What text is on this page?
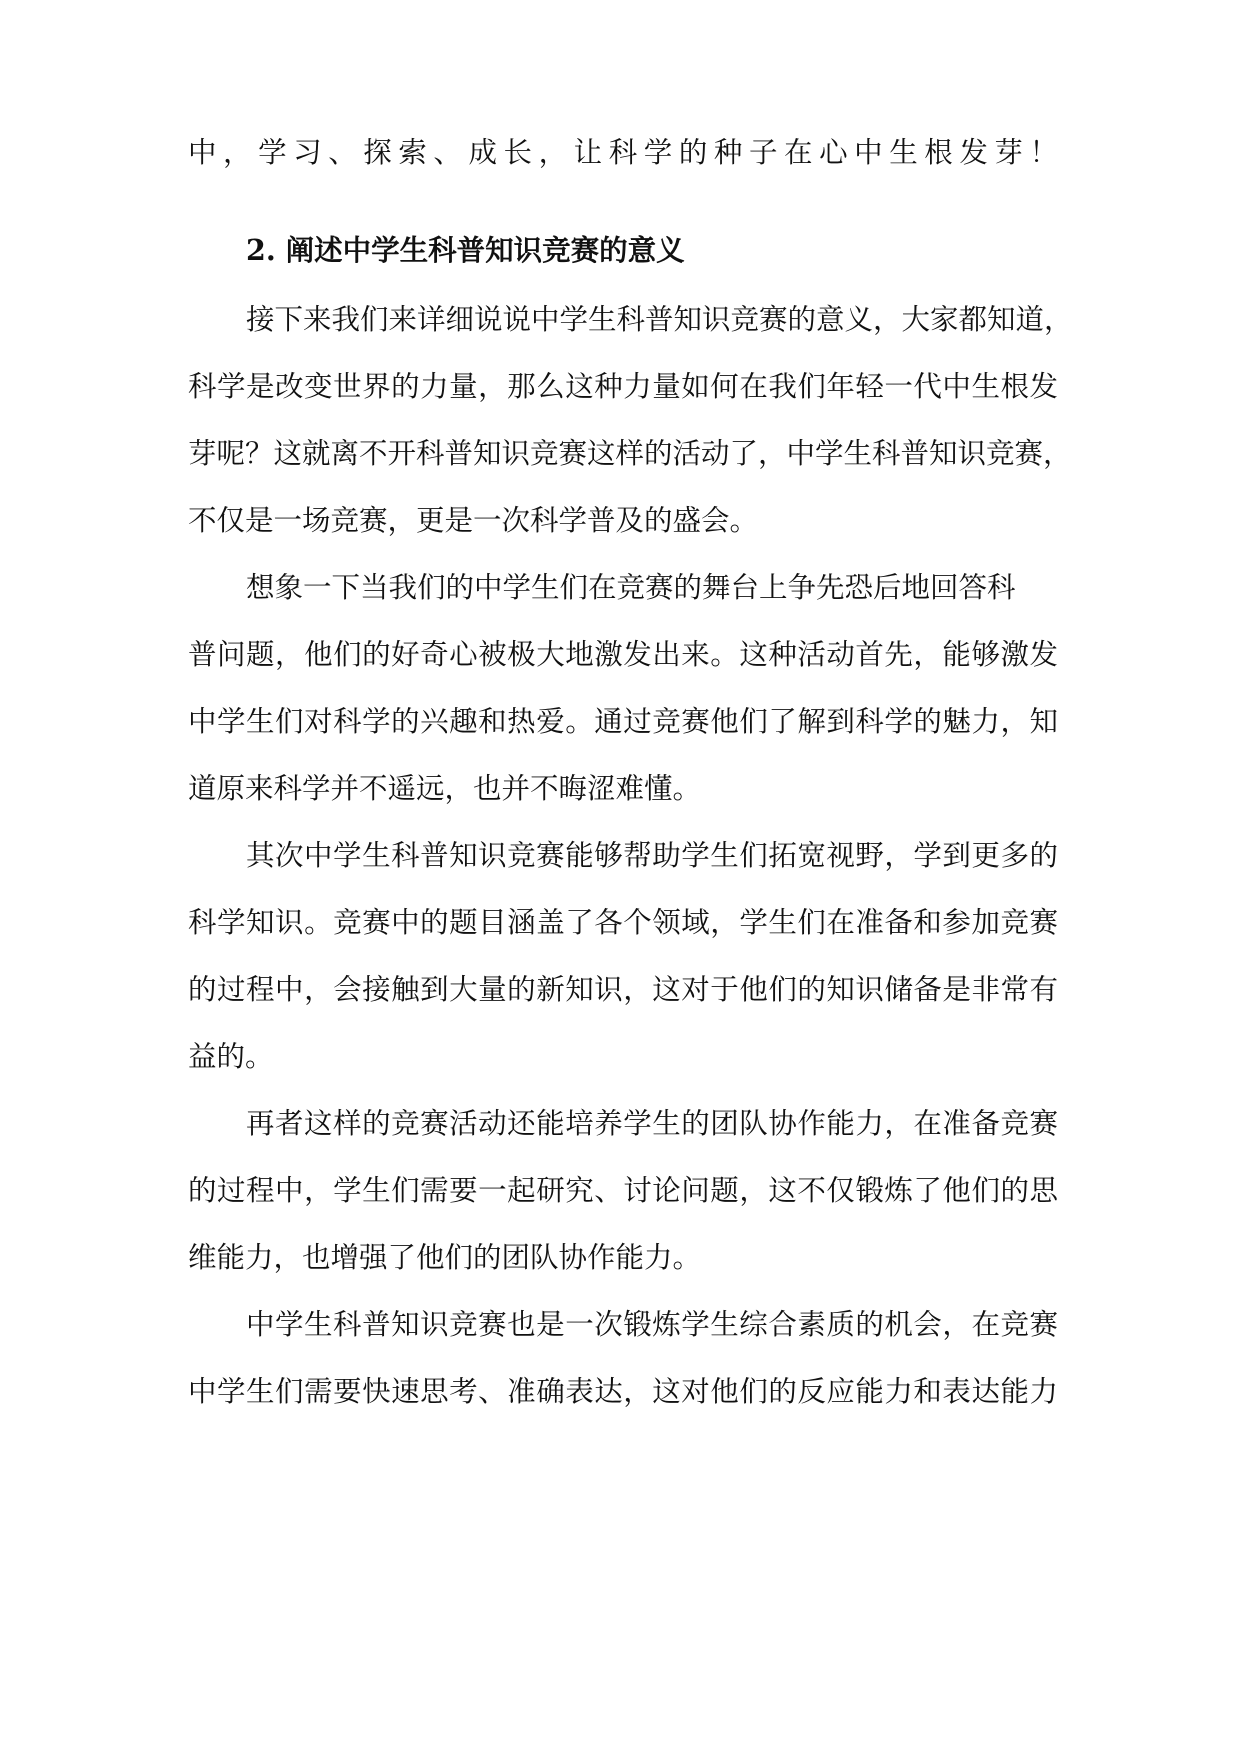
中，学习、探索、成长，让科学的种子在心中生根发芽！
2. 阐述中学生科普知识竞赛的意义
接下来我们来详细说说中学生科普知识竞赛的意义，大家都知道，
科学是改变世界的力量，那么这种力量如何在我们年轻一代中生根发
芽呢？这就离不开科普知识竞赛这样的活动了，中学生科普知识竞赛，
不仅是一场竞赛，更是一次科学普及的盛会。
想象一下当我们的中学生们在竞赛的舞台上争先恐后地回答科
普问题，他们的好奇心被极大地激发出来。这种活动首先，能够激发
中学生们对科学的兴趣和热爱。通过竞赛他们了解到科学的魅力，知
道原来科学并不遥远，也并不晦涩难懂。
其次中学生科普知识竞赛能够帮助学生们拓宽视野，学到更多的
科学知识。竞赛中的题目涵盖了各个领域，学生们在准备和参加竞赛
的过程中，会接触到大量的新知识，这对于他们的知识储备是非常有
益的。
再者这样的竞赛活动还能培养学生的团队协作能力，在准备竞赛
的过程中，学生们需要一起研究、讨论问题，这不仅锻炼了他们的思
维能力，也增强了他们的团队协作能力。
中学生科普知识竞赛也是一次锻炼学生综合素质的机会，在竞赛
中学生们需要快速思考、准确表达，这对他们的反应能力和表达能力
